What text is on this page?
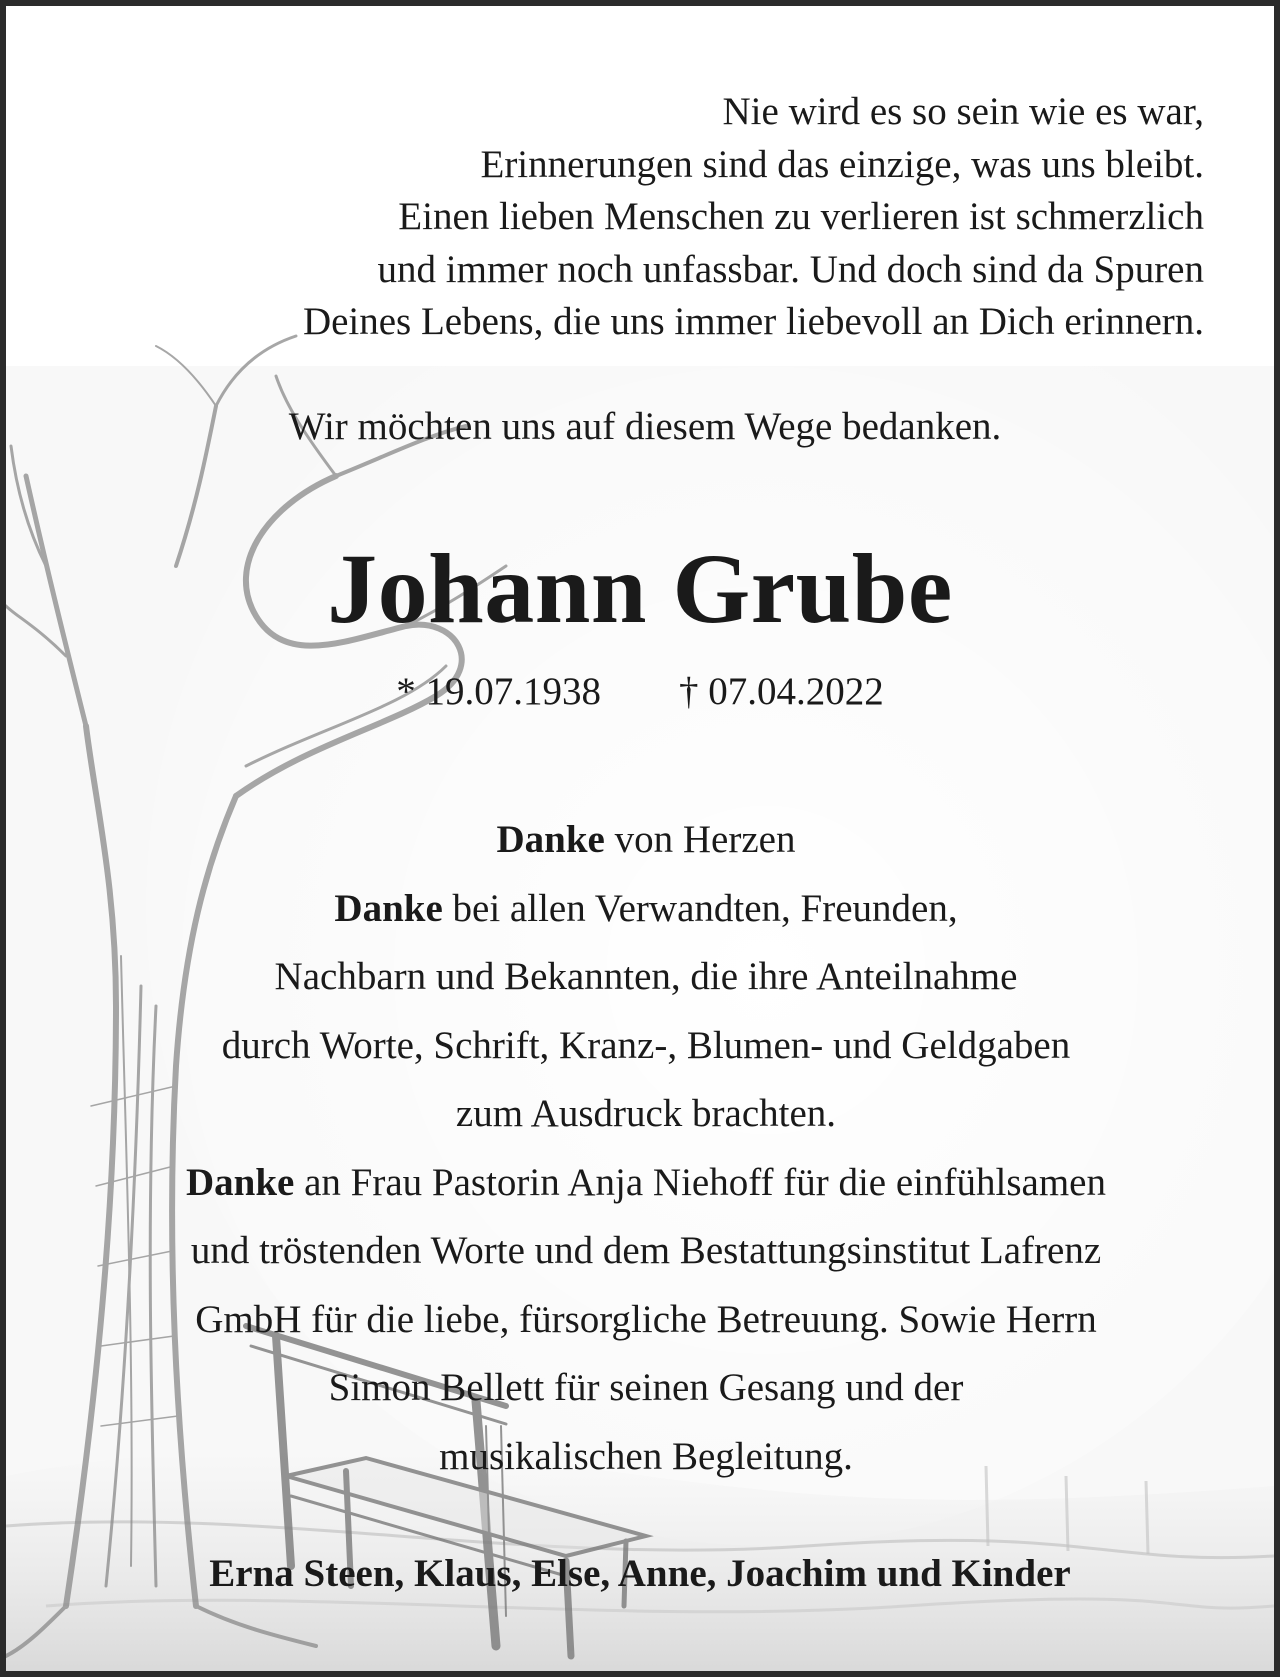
Nie wird es so sein wie es war,
Erinnerungen sind das einzige, was uns bleibt.
Einen lieben Menschen zu verlieren ist schmerzlich
und immer noch unfassbar. Und doch sind da Spuren
Deines Lebens, die uns immer liebevoll an Dich erinnern.

Wir möchten uns auf diesem Wege bedanken.

Johann Grube
* 19.07.1938 † 07.04.2022

Danke von Herzen
Danke bei allen Verwandten, Freunden,
Nachbarn und Bekannten, die ihre Anteilnahme
durch Worte, Schrift, Kranz-, Blumen- und Geldgaben
zum Ausdruck brachten.
Danke an Frau Pastorin Anja Niehoff für die einfühlsamen
und tröstenden Worte und dem Bestattungsinstitut Lafrenz
GmbH für die liebe, fürsorgliche Betreuung. Sowie Herrn
Simon Bellett für seinen Gesang und der
musikalischen Begleitung.

Erna Steen, Klaus, Else, Anne, Joachim und Kinder
